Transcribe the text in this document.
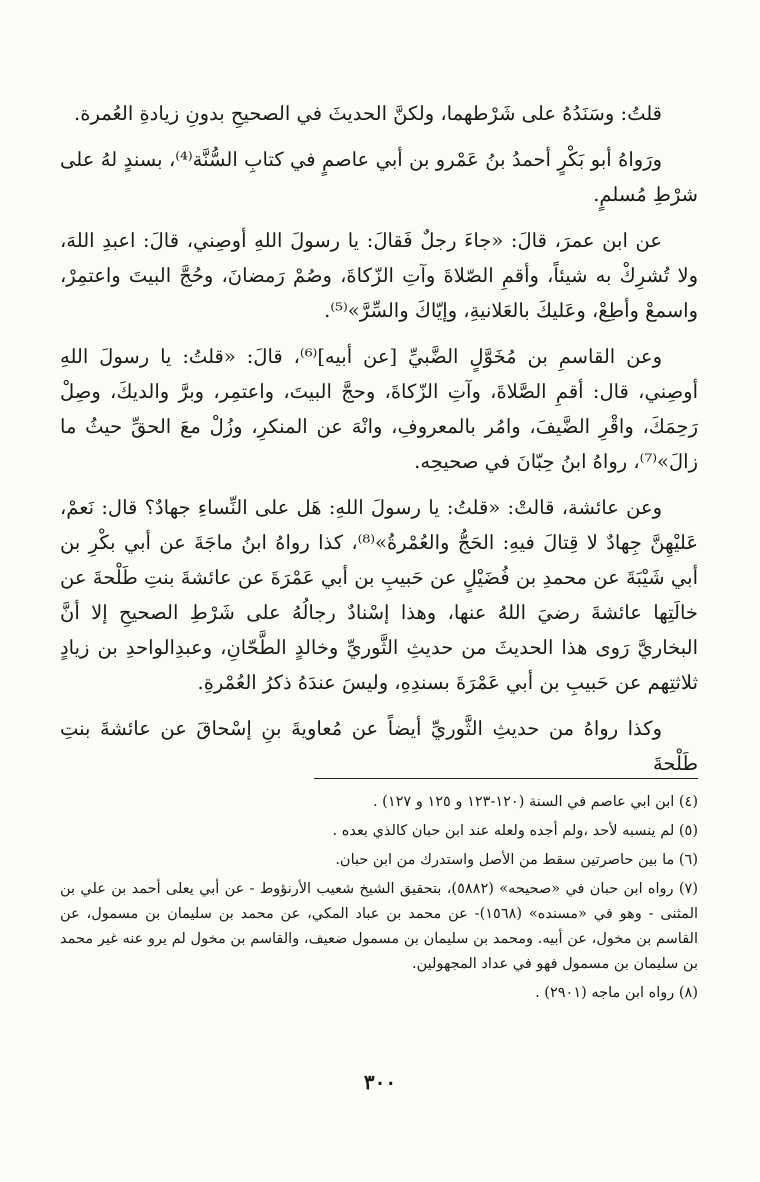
قلتُ: وسَنَدُهُ على شَرْطهما، ولكنَّ الحديثَ في الصحيحِ بدونِ زيادةِ العُمرة.

ورَواهُ أبو بَكْرٍ أحمدُ بنُ عَمْرو بن أبي عاصمٍ في كتابِ السُّنَّة⁽⁴⁾، بسندٍ لهُ على شرْطِ مُسلمٍ.

عن ابن عمرَ، قالَ: «جاءَ رجلٌ فَقالَ: يا رسولَ اللهِ أوصِني، قالَ: اعبدِ اللهَ، ولا تُشرِكْ به شيئاً، وأقمِ الصّلاةَ وآتِ الزّكاةَ، وصُمْ رَمضانَ، وحُجَّ البيتَ واعتمِرْ، واسمعْ وأطِعْ، وعَليكَ بالعَلانيةِ، وإيّاكَ والسِّرَّ»⁽⁵⁾.

وعن القاسمِ بن مُخَوَّلٍ الضَّبيِّ [عن أبيه]⁽⁶⁾، قالَ: «قلتُ: يا رسولَ اللهِ أوصِني، قال: أقمِ الصَّلاةَ، وآتِ الزّكاةَ، وحجَّ البيتَ، واعتمِر، وبرَّ والديكَ، وصِلْ رَحِمَكَ، واقْرِ الضَّيفَ، وامُر بالمعروفِ، وانْهَ عن المنكرِ، وزُلْ معَ الحقِّ حيثُ ما زالَ»⁽⁷⁾، رواهُ ابنُ حِبّانَ في صحيحِه.

وعن عائشة، قالتْ: «قلتُ: يا رسولَ اللهِ: هَل على النِّساءِ جهادٌ؟ قال: نَعمْ، عَليْهِنَّ جِهادٌ لا قِتالَ فيهِ: الحَجُّ والعُمْرةُ»⁽⁸⁾، كذا رواهُ ابنُ ماجَةَ عن أبي بكْرِ بن أبي شَيْبَةَ عن محمدِ بن فُضَيْلٍ عن حَبيبِ بن أبي عَمْرَةَ عن عائشةَ بنتِ طَلْحةَ عن خالَتِها عائشةَ رضيَ اللهُ عنها، وهذا إسْنادٌ رجالُهُ على شَرْطِ الصحيحِ إلا أنَّ البخاريَّ رَوى هذا الحديثَ من حديثِ الثَّوريِّ وخالدٍ الطَّحّانِ، وعبدِالواحدِ بن زيادٍ ثلاثتِهم عن حَبيبِ بن أبي عَمْرَةَ بسندِهِ، وليسَ عندَهُ ذكرُ العُمْرةِ.

وكذا رواهُ من حديثِ الثَّوريِّ أيضاً عن مُعاويةَ بنِ إسْحاقَ عن عائشةَ بنتِ طَلْحةَ

(٤) ابن ابي عاصم في السنة (١٢٠-١٢٣ و ١٢٥ و ١٢٧) .

(٥) لم ينسبه لأحد ،ولم أجده ولعله عند ابن حبان كالذي بعده .

(٦) ما بين حاصرتين سقط من الأصل واستدرك من ابن حبان.

(٧) رواه ابن حبان في «صحيحه» (٥٨٨٢)، بتحقيق الشيخ شعيب الأرنؤوط - عن أبي يعلى أحمد بن علي بن المثنى - وهو في «مسنده» (١٥٦٨)- عن محمد بن عباد المكي، عن محمد بن سليمان بن مسمول، عن القاسم بن مخول، عن أبيه. ومحمد بن سليمان بن مسمول ضعيف، والقاسم بن مخول لم يرو عنه غير محمد بن سليمان بن مسمول فهو في عداد المجهولين.

(٨) رواه ابن ماجه (٢٩٠١) .

٣٠٠
